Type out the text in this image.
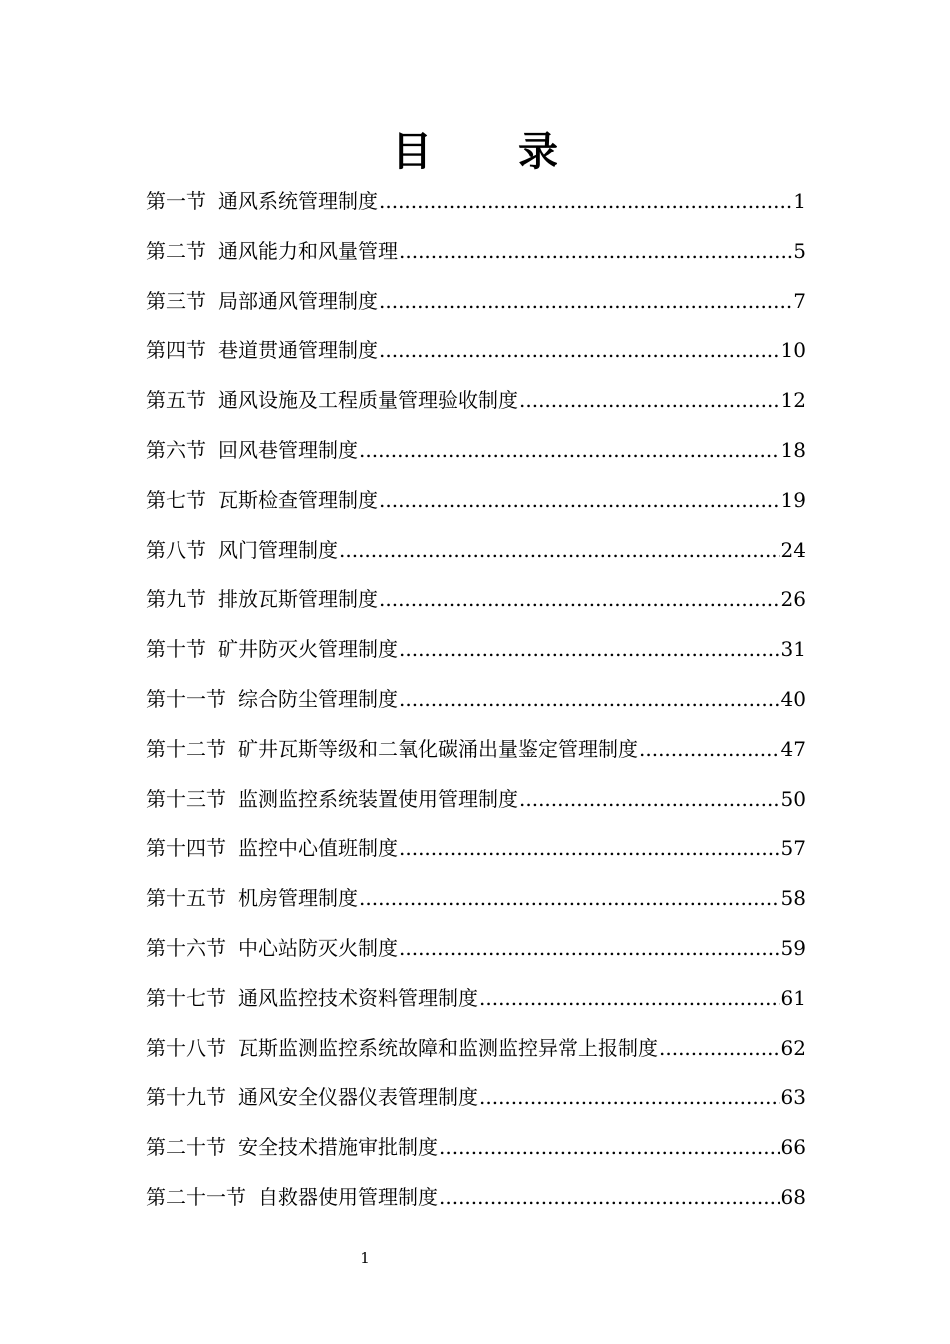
目 录
第一节 通风系统管理制度 .....	1
第二节 通风能力和风量管理 .....	5
第三节 局部通风管理制度 .....	7
第四节 巷道贯通管理制度 .....	10
第五节 通风设施及工程质量管理验收制度 .....	12
第六节 回风巷管理制度 .....	18
第七节 瓦斯检查管理制度 .....	19
第八节 风门管理制度 .....	24
第九节 排放瓦斯管理制度 .....	26
第十节 矿井防灭火管理制度 .....	31
第十一节 综合防尘管理制度 .....	40
第十二节 矿井瓦斯等级和二氧化碳涌出量鉴定管理制度 .....	47
第十三节 监测监控系统装置使用管理制度 .....	50
第十四节 监控中心值班制度 .....	57
第十五节 机房管理制度 .....	58
第十六节 中心站防灭火制度 .....	59
第十七节 通风监控技术资料管理制度 .....	61
第十八节 瓦斯监测监控系统故障和监测监控异常上报制度 .....	62
第十九节 通风安全仪器仪表管理制度 .....	63
第二十节 安全技术措施审批制度 .....	66
第二十一节 自救器使用管理制度 .....	68
1
